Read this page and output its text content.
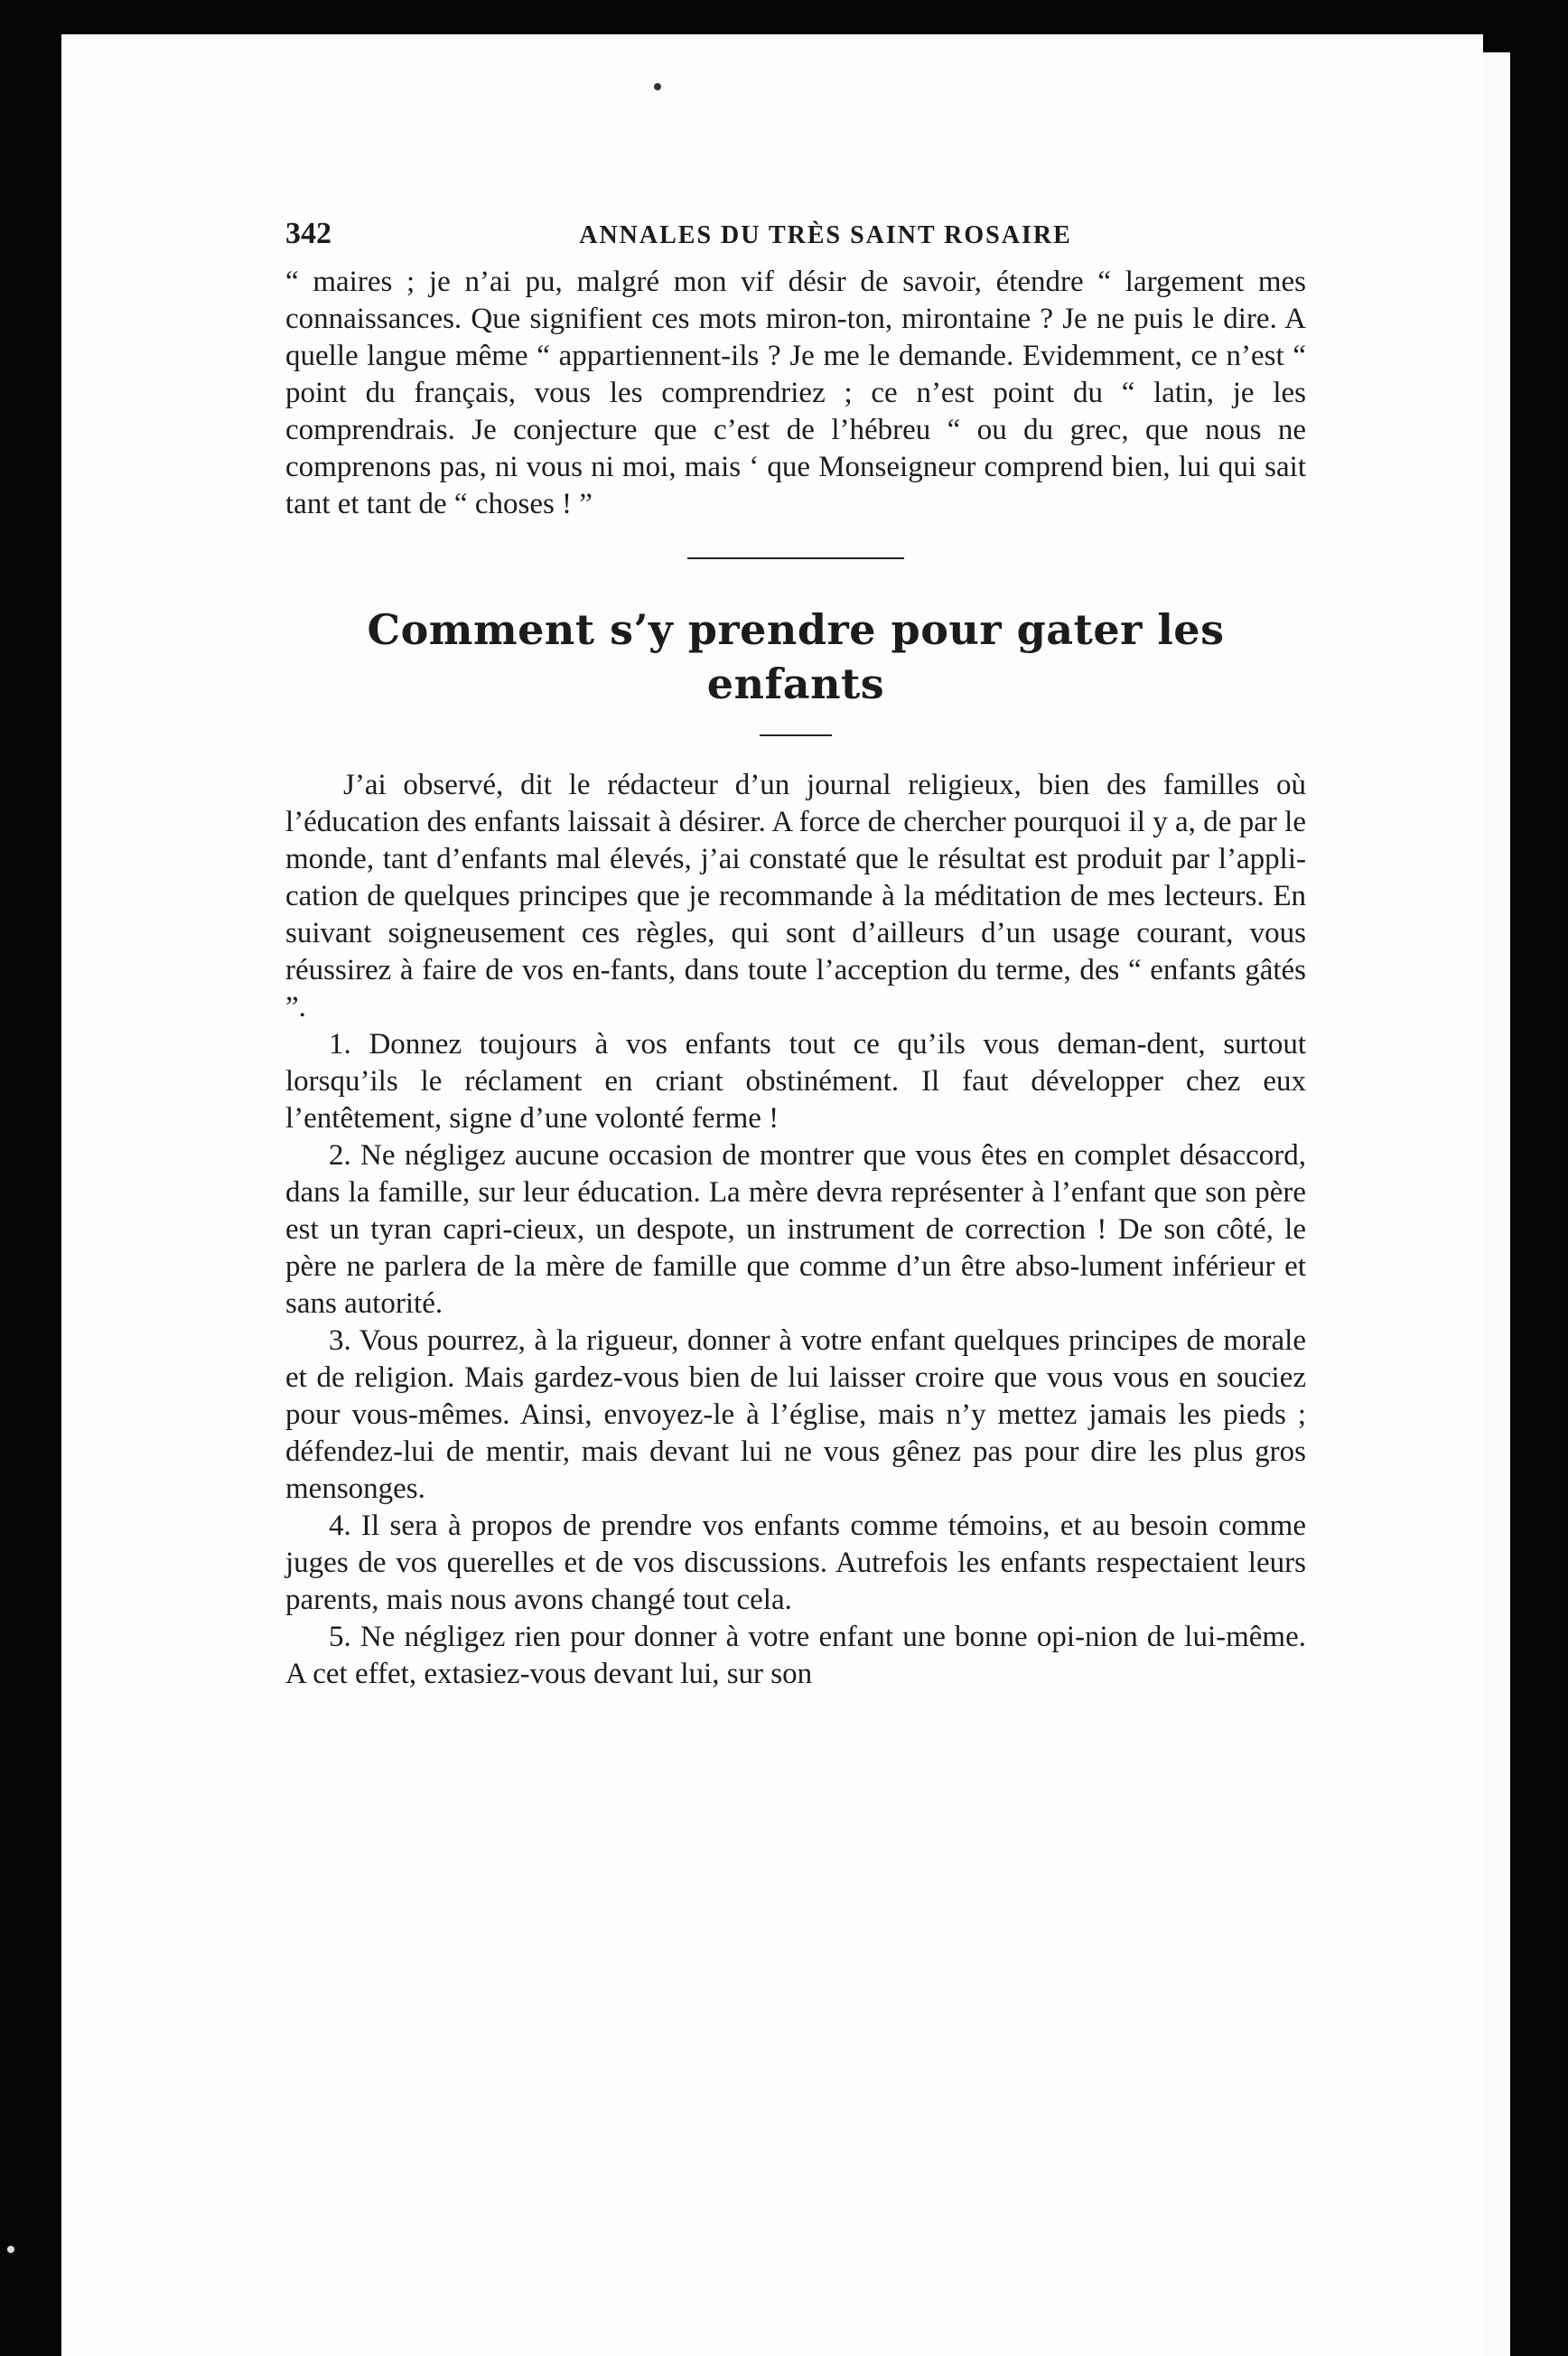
342	ANNALES DU TRÈS SAINT ROSAIRE

“ maires ; je n’ai pu, malgré mon vif désir de savoir, étendre “ largement mes connaissances. Que signifient ces mots miron-ton, mirontaine ? Je ne puis le dire. A quelle langue même “ appartiennent-ils ? Je me le demande. Evidemment, ce n’est “ point du français, vous les comprendriez ; ce n’est point du “ latin, je les comprendrais. Je conjecture que c’est de l’hébreu “ ou du grec, que nous ne comprenons pas, ni vous ni moi, mais ‘ que Monseigneur comprend bien, lui qui sait tant et tant de “ choses ! ”

Comment s’y prendre pour gater les enfants

J’ai observé, dit le rédacteur d’un journal religieux, bien des familles où l’éducation des enfants laissait à désirer. A force de chercher pourquoi il y a, de par le monde, tant d’enfants mal élevés, j’ai constaté que le résultat est produit par l’appli-cation de quelques principes que je recommande à la méditation de mes lecteurs. En suivant soigneusement ces règles, qui sont d’ailleurs d’un usage courant, vous réussirez à faire de vos en-fants, dans toute l’acception du terme, des “ enfants gâtés ”.

1. Donnez toujours à vos enfants tout ce qu’ils vous deman-dent, surtout lorsqu’ils le réclament en criant obstinément. Il faut développer chez eux l’entêtement, signe d’une volonté ferme !

2. Ne négligez aucune occasion de montrer que vous êtes en complet désaccord, dans la famille, sur leur éducation. La mère devra représenter à l’enfant que son père est un tyran capri-cieux, un despote, un instrument de correction ! De son côté, le père ne parlera de la mère de famille que comme d’un être abso-lument inférieur et sans autorité.

3. Vous pourrez, à la rigueur, donner à votre enfant quelques principes de morale et de religion. Mais gardez-vous bien de lui laisser croire que vous vous en souciez pour vous-mêmes. Ainsi, envoyez-le à l’église, mais n’y mettez jamais les pieds ; défendez-lui de mentir, mais devant lui ne vous gênez pas pour dire les plus gros mensonges.

4. Il sera à propos de prendre vos enfants comme témoins, et au besoin comme juges de vos querelles et de vos discussions. Autrefois les enfants respectaient leurs parents, mais nous avons changé tout cela.

5. Ne négligez rien pour donner à votre enfant une bonne opi-nion de lui-même. A cet effet, extasiez-vous devant lui, sur son
